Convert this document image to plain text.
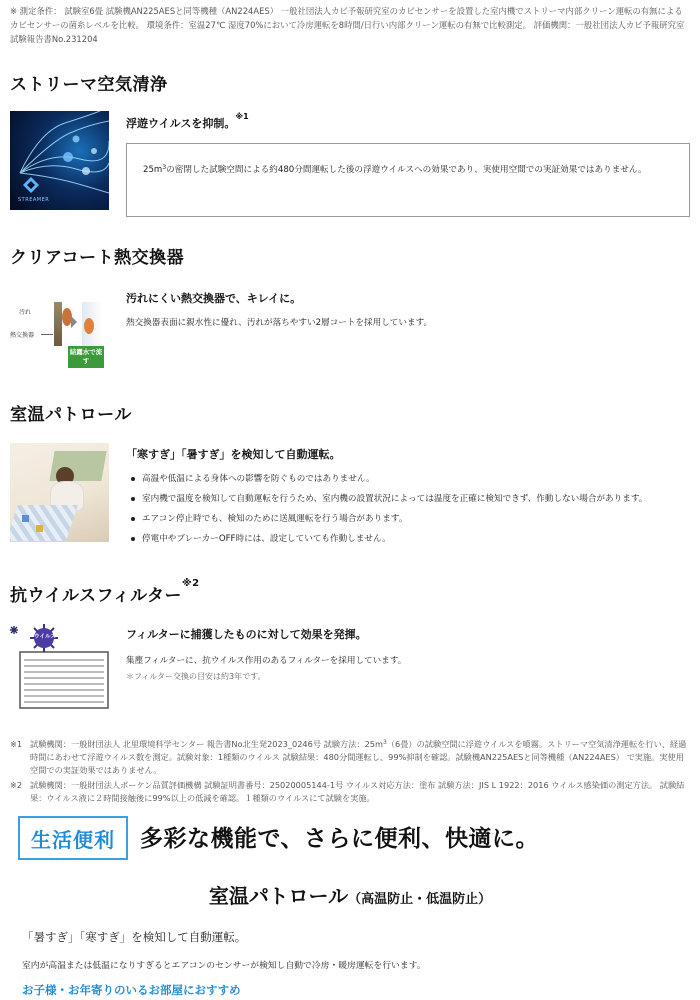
※ 測定条件： 試験室6畳 試験機AN225AESと同等機種（AN224AES） 一般社団法人カビ予報研究室のカビセンサーを設置した室内機でストリーマ内部クリーン運転の有無によるカビセンサーの菌糸レベルを比較。 環境条件：室温27℃ 湿度70%において冷房運転を8時間/日行い内部クリーン運転の有無で比較測定。 評価機関：一般社団法人カビ予報研究室試験報告書No.231204
ストリーマ空気清浄
STREAMER
浮遊ウイルスを抑制。$^{※1}$
$25m^3$の密閉した試験空間による約480分間運転した後の浮遊ウイルスへの効果であり、実使用空間での実証効果ではありません。
クリアコート熱交換器
汚れ
熱交換器
結露水で流す
汚れにくい熱交換器で、キレイに。
熱交換器表面に親水性に優れ、汚れが落ちやすい2層コートを採用しています。
室温パトロール
「寒すぎ」「暑すぎ」を検知して自動運転。
高温や低温による身体への影響を防ぐものではありません。
室内機で温度を検知して自動運転を行うため、室内機の設置状況によっては温度を正確に検知できず、作動しない場合があります。
エアコン停止時でも、検知のために送風運転を行う場合があります。
停電中やブレーカーOFF時には、設定していても作動しません。
抗ウイルスフィルター$^{※2}$
ウイルス	フィルターに捕獲したものに対して効果を発揮。
集塵フィルターに、抗ウイルス作用のあるフィルターを採用しています。
＊フィルター交換の目安は約3年です。
※1 試験機関：一般財団法人 北里環境科学センター 報告書No北生発2023_0246号 試験方法：$25m^3(6$畳）の試験空間に浮遊ウイルスを噴霧。ストリーマ空気清浄運転を行い、経過時間にあわせて浮遊ウイルス数を測定。試験対象：1種類のウイルス 試験結果：480分間運転し、99%抑制を確認。試験機AN225AESと同等機種（AN224AES） で実施。実使用空間での実証効果ではありません。
※2 試験機関：一般財団法人ボーケン品質評価機構 試験証明書番号：25020005144-1号 ウイルス対応方法：塗布 試験方法：JIS L 1922：2016 ウイルス感染価の測定方法。 試験結果：ウイルス液に２時間接触後に99%以上の低減を確認。１種類のウイルスにて試験を実施。
生活便利	多彩な機能で、さらに便利、快適に。
室温パトロール（高温防止・低温防止）
「暑すぎ」「寒すぎ」を検知して自動運転。
室内が高温または低温になりすぎるとエアコンのセンサーが検知し自動で冷房・暖房運転を行います。
お子様・お年寄りのいるお部屋におすすめ
